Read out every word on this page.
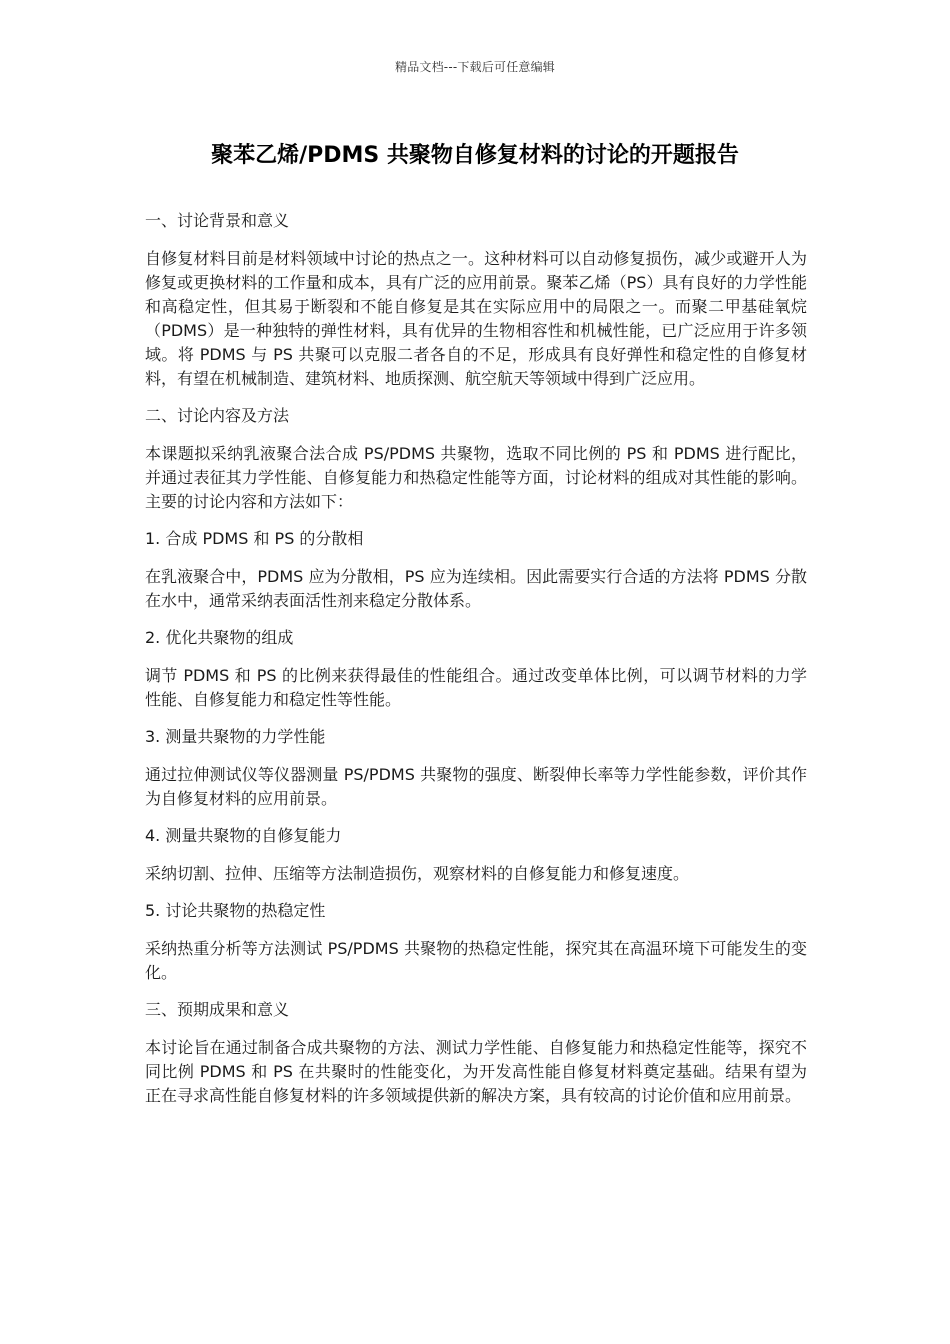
精品文档---下载后可任意编辑
聚苯乙烯/PDMS 共聚物自修复材料的讨论的开题报告

一、讨论背景和意义

自修复材料目前是材料领域中讨论的热点之一。这种材料可以自动修复损伤，减少或避开人为修复或更换材料的工作量和成本，具有广泛的应用前景。聚苯乙烯（PS）具有良好的力学性能和高稳定性，但其易于断裂和不能自修复是其在实际应用中的局限之一。而聚二甲基硅氧烷（PDMS）是一种独特的弹性材料，具有优异的生物相容性和机械性能，已广泛应用于许多领域。将 PDMS 与 PS 共聚可以克服二者各自的不足，形成具有良好弹性和稳定性的自修复材料，有望在机械制造、建筑材料、地质探测、航空航天等领域中得到广泛应用。

二、讨论内容及方法

本课题拟采纳乳液聚合法合成 PS/PDMS 共聚物，选取不同比例的 PS 和 PDMS 进行配比，并通过表征其力学性能、自修复能力和热稳定性能等方面，讨论材料的组成对其性能的影响。主要的讨论内容和方法如下：

1. 合成 PDMS 和 PS 的分散相

在乳液聚合中，PDMS 应为分散相，PS 应为连续相。因此需要实行合适的方法将 PDMS 分散在水中，通常采纳表面活性剂来稳定分散体系。

2. 优化共聚物的组成

调节 PDMS 和 PS 的比例来获得最佳的性能组合。通过改变单体比例，可以调节材料的力学性能、自修复能力和稳定性等性能。

3. 测量共聚物的力学性能

通过拉伸测试仪等仪器测量 PS/PDMS 共聚物的强度、断裂伸长率等力学性能参数，评价其作为自修复材料的应用前景。

4. 测量共聚物的自修复能力

采纳切割、拉伸、压缩等方法制造损伤，观察材料的自修复能力和修复速度。

5. 讨论共聚物的热稳定性

采纳热重分析等方法测试 PS/PDMS 共聚物的热稳定性能，探究其在高温环境下可能发生的变化。

三、预期成果和意义

本讨论旨在通过制备合成共聚物的方法、测试力学性能、自修复能力和热稳定性能等，探究不同比例 PDMS 和 PS 在共聚时的性能变化，为开发高性能自修复材料奠定基础。结果有望为正在寻求高性能自修复材料的许多领域提供新的解决方案，具有较高的讨论价值和应用前景。
